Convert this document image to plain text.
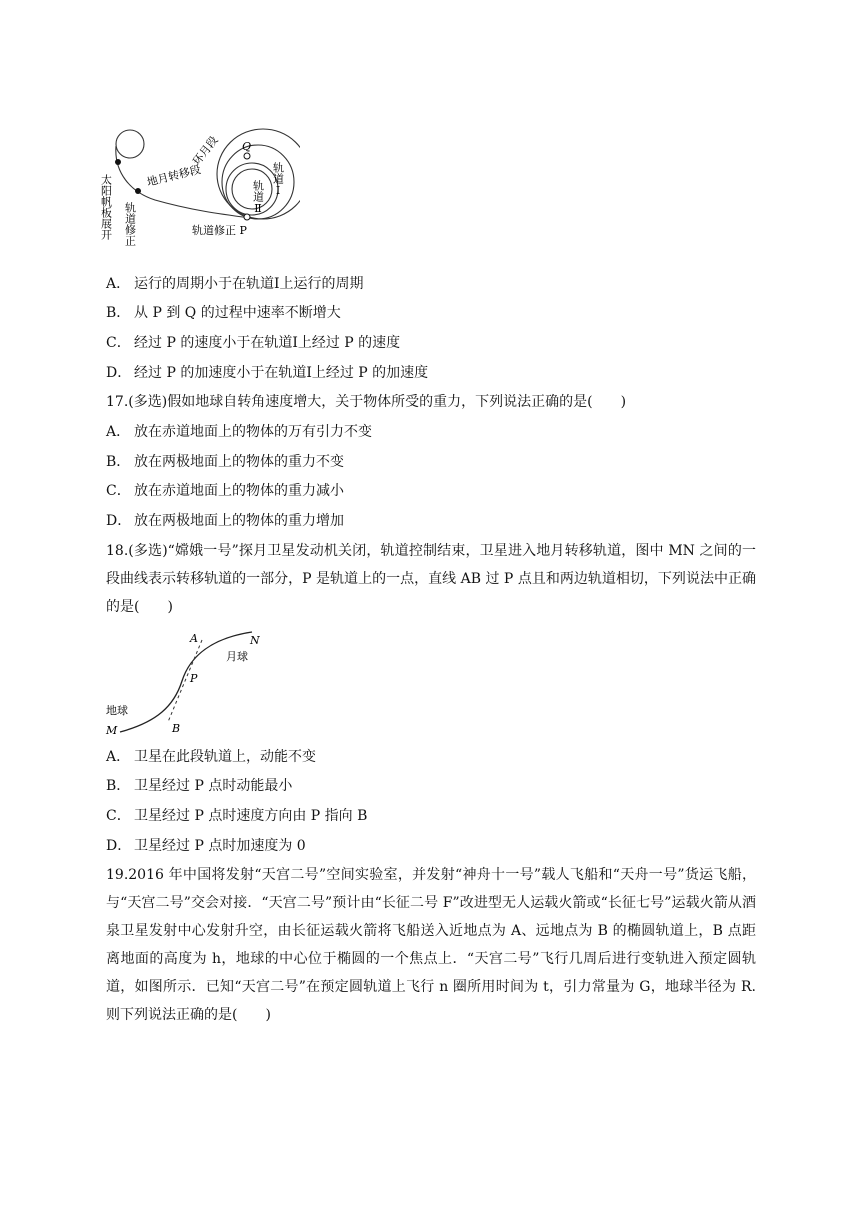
太阳帆板展开 轨道修正
地月转移段
轨道修正 P
环月段 Q
轨道Ⅱ
轨道Ⅰ
A． 运行的周期小于在轨道Ⅰ上运行的周期
B． 从 P 到 Q 的过程中速率不断增大
C． 经过 P 的速度小于在轨道Ⅰ上经过 P 的速度
D． 经过 P 的加速度小于在轨道Ⅰ上经过 P 的加速度
17.(多选)假如地球自转角速度增大，关于物体所受的重力，下列说法正确的是(　　)
A． 放在赤道地面上的物体的万有引力不变
B． 放在两极地面上的物体的重力不变
C． 放在赤道地面上的物体的重力减小
D． 放在两极地面上的物体的重力增加
18.(多选)“嫦娥一号”探月卫星发动机关闭，轨道控制结束，卫星进入地月转移轨道，图中 MN 之间的一段曲线表示转移轨道的一部分，P 是轨道上的一点，直线 AB 过 P 点且和两边轨道相切，下列说法中正确的是(　　)
A	N
月球
P
地球
M	B
A． 卫星在此段轨道上，动能不变
B． 卫星经过 P 点时动能最小
C． 卫星经过 P 点时速度方向由 P 指向 B
D． 卫星经过 P 点时加速度为 0
19.2016 年中国将发射“天宫二号”空间实验室，并发射“神舟十一号”载人飞船和“天舟一号”货运飞船，与“天宫二号”交会对接．“天宫二号”预计由“长征二号 F”改进型无人运载火箭或“长征七号”运载火箭从酒泉卫星发射中心发射升空，由长征运载火箭将飞船送入近地点为 A、远地点为 B 的椭圆轨道上，B 点距离地面的高度为 h，地球的中心位于椭圆的一个焦点上．“天宫二号”飞行几周后进行变轨进入预定圆轨道，如图所示．已知“天宫二号”在预定圆轨道上飞行 n 圈所用时间为 t，引力常量为 G，地球半径为 R.则下列说法正确的是(　　)
